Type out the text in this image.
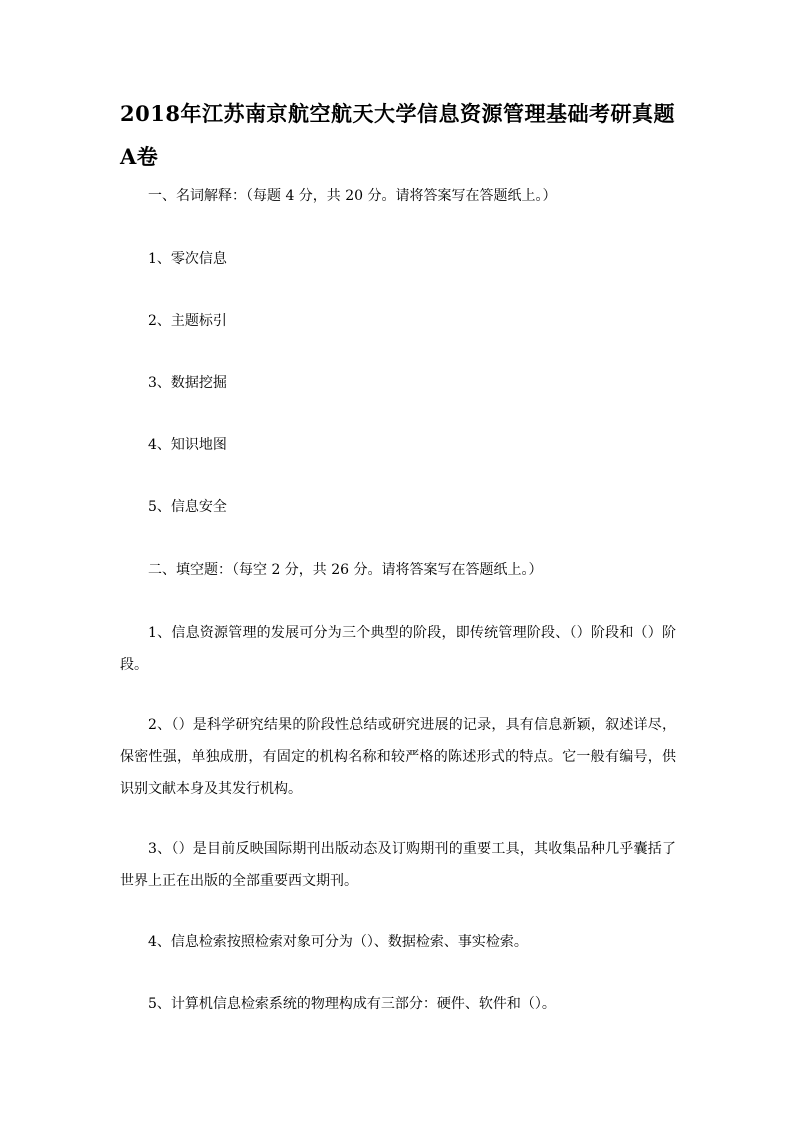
2018年江苏南京航空航天大学信息资源管理基础考研真题
A卷

一、名词解释：（每题 4 分，共 20 分。请将答案写在答题纸上。）

1、零次信息

2、主题标引

3、数据挖掘

4、知识地图

5、信息安全

二、填空题：（每空 2 分，共 26 分。请将答案写在答题纸上。）

1、信息资源管理的发展可分为三个典型的阶段，即传统管理阶段、（）阶段和（）阶段。

2、（）是科学研究结果的阶段性总结或研究进展的记录，具有信息新颖，叙述详尽，保密性强，单独成册，有固定的机构名称和较严格的陈述形式的特点。它一般有编号，供识别文献本身及其发行机构。

3、（）是目前反映国际期刊出版动态及订购期刊的重要工具，其收集品种几乎囊括了世界上正在出版的全部重要西文期刊。

4、信息检索按照检索对象可分为（）、数据检索、事实检索。

5、计算机信息检索系统的物理构成有三部分：硬件、软件和（）。
